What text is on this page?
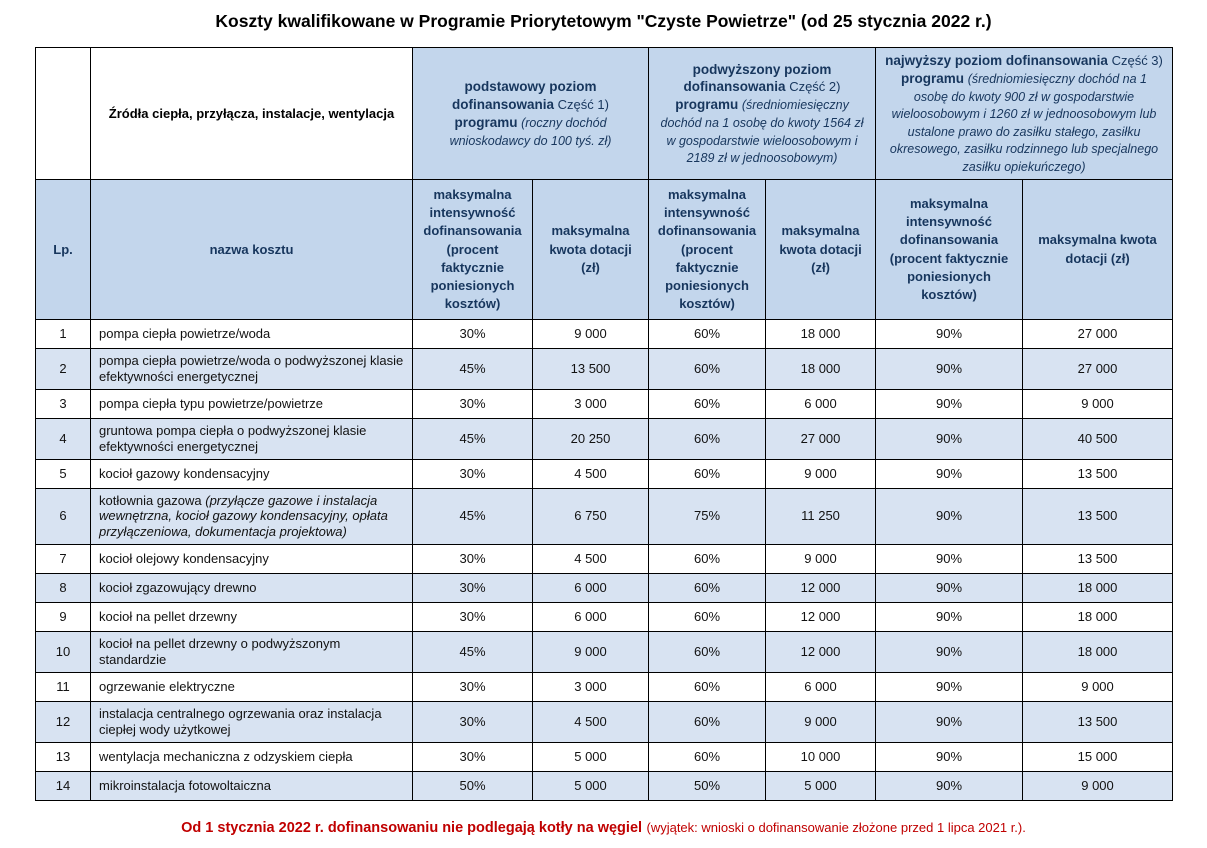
Koszty kwalifikowane w Programie Priorytetowym "Czyste Powietrze" (od 25 stycznia 2022 r.)
	Źródła ciepła, przyłącza, instalacje, wentylacja	podstawowy poziom dofinansowania Część 1) programu (roczny dochód wnioskodawcy do 100 tyś. zł)		podwyższony poziom dofinansowania Część 2) programu (średniomiesięczny dochód na 1 osobę do kwoty 1564 zł w gospodarstwie wieloosobowym i 2189 zł w jednoosobowym)		najwyższy poziom dofinansowania Część 3) programu (średniomiesięczny dochód na 1 osobę do kwoty 900 zł w gospodarstwie wieloosobowym i 1260 zł w jednoosobowym lub ustalone prawo do zasiłku stałego, zasiłku okresowego, zasiłku rodzinnego lub specjalnego zasiłku opiekuńczego)	
Lp.	nazwa kosztu	maksymalna intensywność dofinansowania (procent faktycznie poniesionych kosztów)	maksymalna kwota dotacji (zł)	maksymalna intensywność dofinansowania (procent faktycznie poniesionych kosztów)	maksymalna kwota dotacji (zł)	maksymalna intensywność dofinansowania (procent faktycznie poniesionych kosztów)	maksymalna kwota dotacji (zł)
1	pompa ciepła powietrze/woda	30%	9 000	60%	18 000	90%	27 000
2	pompa ciepła powietrze/woda o podwyższonej klasie efektywności energetycznej	45%	13 500	60%	18 000	90%	27 000
3	pompa ciepła typu powietrze/powietrze	30%	3 000	60%	6 000	90%	9 000
4	gruntowa pompa ciepła o podwyższonej klasie efektywności energetycznej	45%	20 250	60%	27 000	90%	40 500
5	kocioł gazowy kondensacyjny	30%	4 500	60%	9 000	90%	13 500
6	kotłownia gazowa (przyłącze gazowe i instalacja wewnętrzna, kocioł gazowy kondensacyjny, opłata przyłączeniowa, dokumentacja projektowa)	45%	6 750	75%	11 250	90%	13 500
7	kocioł olejowy kondensacyjny	30%	4 500	60%	9 000	90%	13 500
8	kocioł zgazowujący drewno	30%	6 000	60%	12 000	90%	18 000
9	kocioł na pellet drzewny	30%	6 000	60%	12 000	90%	18 000
10	kocioł na pellet drzewny o podwyższonym standardzie	45%	9 000	60%	12 000	90%	18 000
11	ogrzewanie elektryczne	30%	3 000	60%	6 000	90%	9 000
12	instalacja centralnego ogrzewania oraz instalacja ciepłej wody użytkowej	30%	4 500	60%	9 000	90%	13 500
13	wentylacja mechaniczna z odzyskiem ciepła	30%	5 000	60%	10 000	90%	15 000
14	mikroinstalacja fotowoltaiczna	50%	5 000	50%	5 000	90%	9 000
Od 1 stycznia 2022 r. dofinansowaniu nie podlegają kotły na węgiel (wyjątek: wnioski o dofinansowanie złożone przed 1 lipca 2021 r.).
